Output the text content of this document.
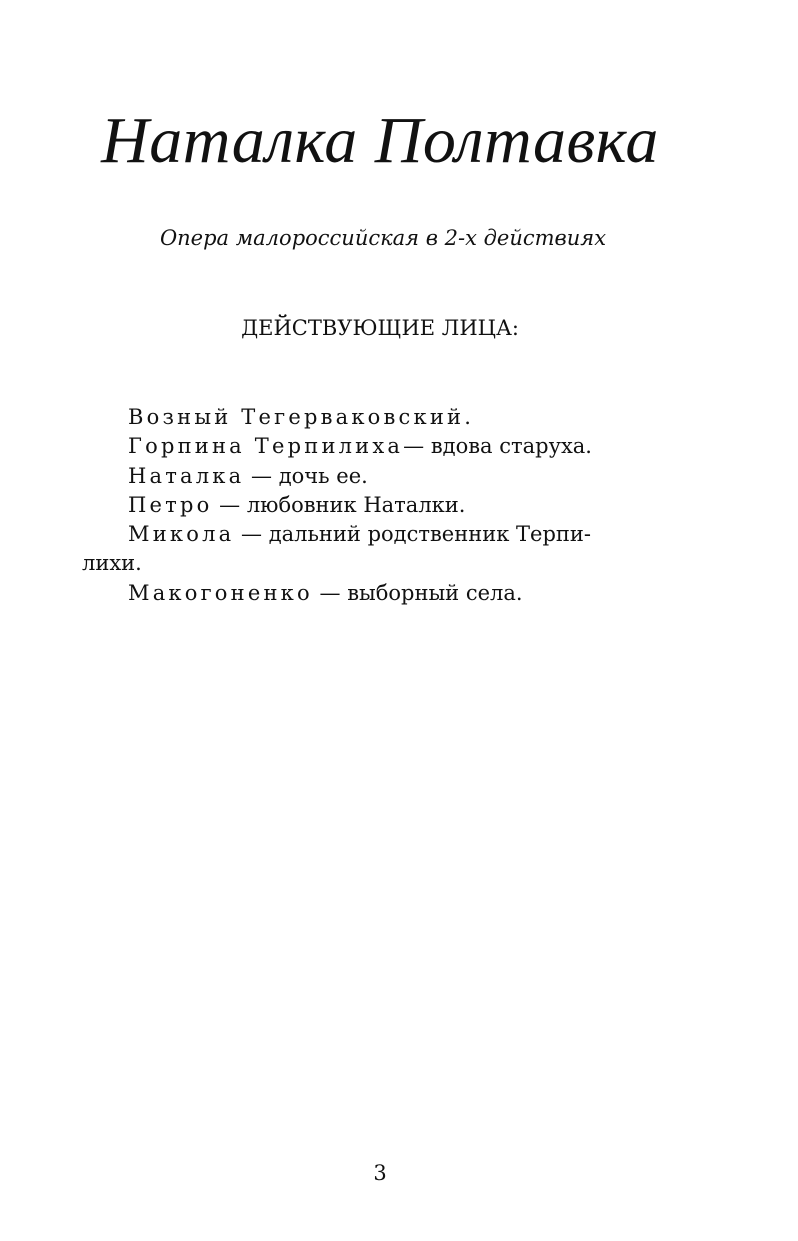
Наталка Полтавка
Опера малороссийская в 2-х действиях
ДЕЙСТВУЮЩИЕ ЛИЦА:
Возный Тегерваковский.
Горпина Терпилиха— вдова старуха.
Наталка — дочь ее.
Петро — любовник Наталки.
Микола — дальний родственник Терпи-
лихи.
Макогоненко — выборный села.
3
